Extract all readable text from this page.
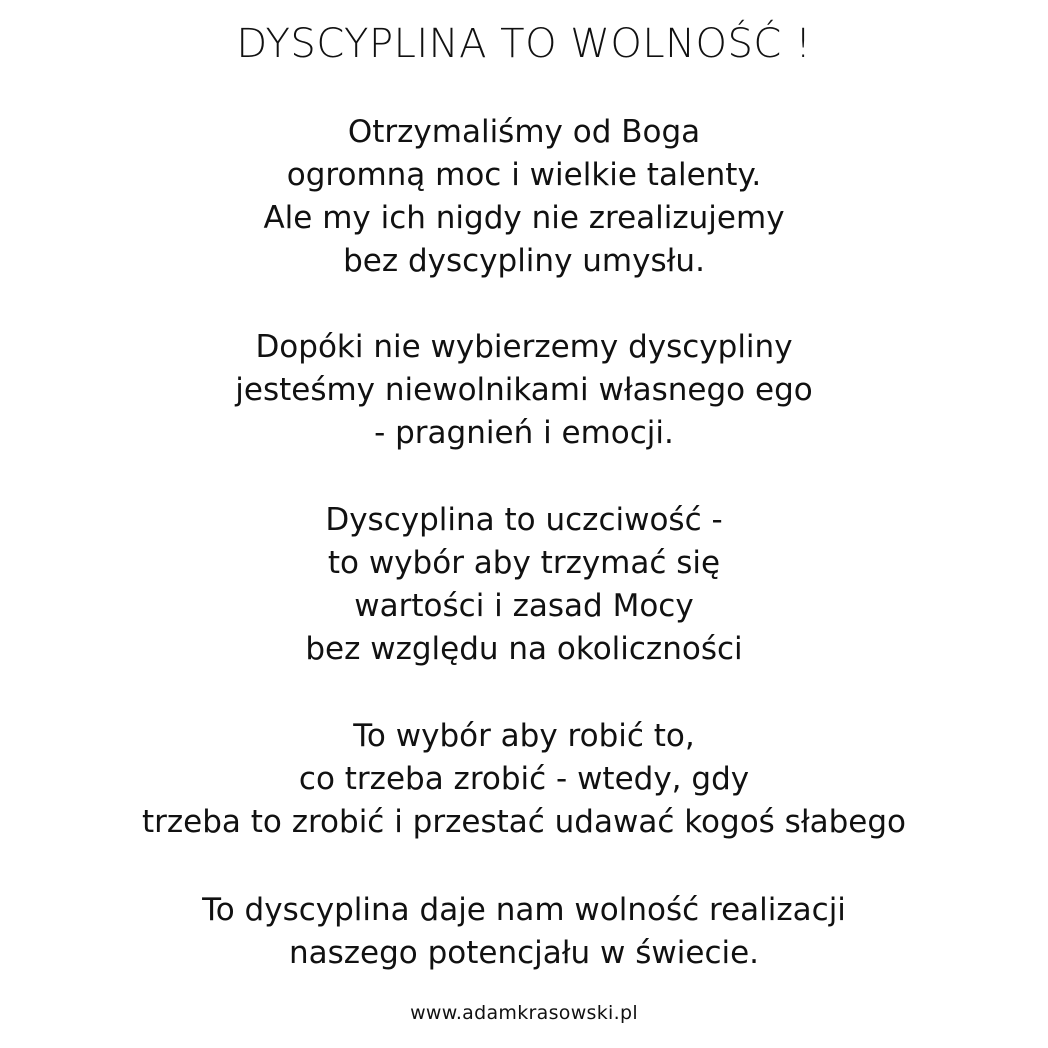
DYSCYPLINA TO WOLNOŚĆ !
Otrzymaliśmy od Boga
ogromną moc i wielkie talenty.
Ale my ich nigdy nie zrealizujemy
bez dyscypliny umysłu.
Dopóki nie wybierzemy dyscypliny
jesteśmy niewolnikami własnego ego
- pragnień i emocji.
Dyscyplina to uczciwość -
to wybór aby trzymać się
wartości i zasad Mocy
bez względu na okoliczności
To wybór aby robić to,
co trzeba zrobić - wtedy, gdy
trzeba to zrobić i przestać udawać kogoś słabego
To dyscyplina daje nam wolność realizacji
naszego potencjału w świecie.
www.adamkrasowski.pl
